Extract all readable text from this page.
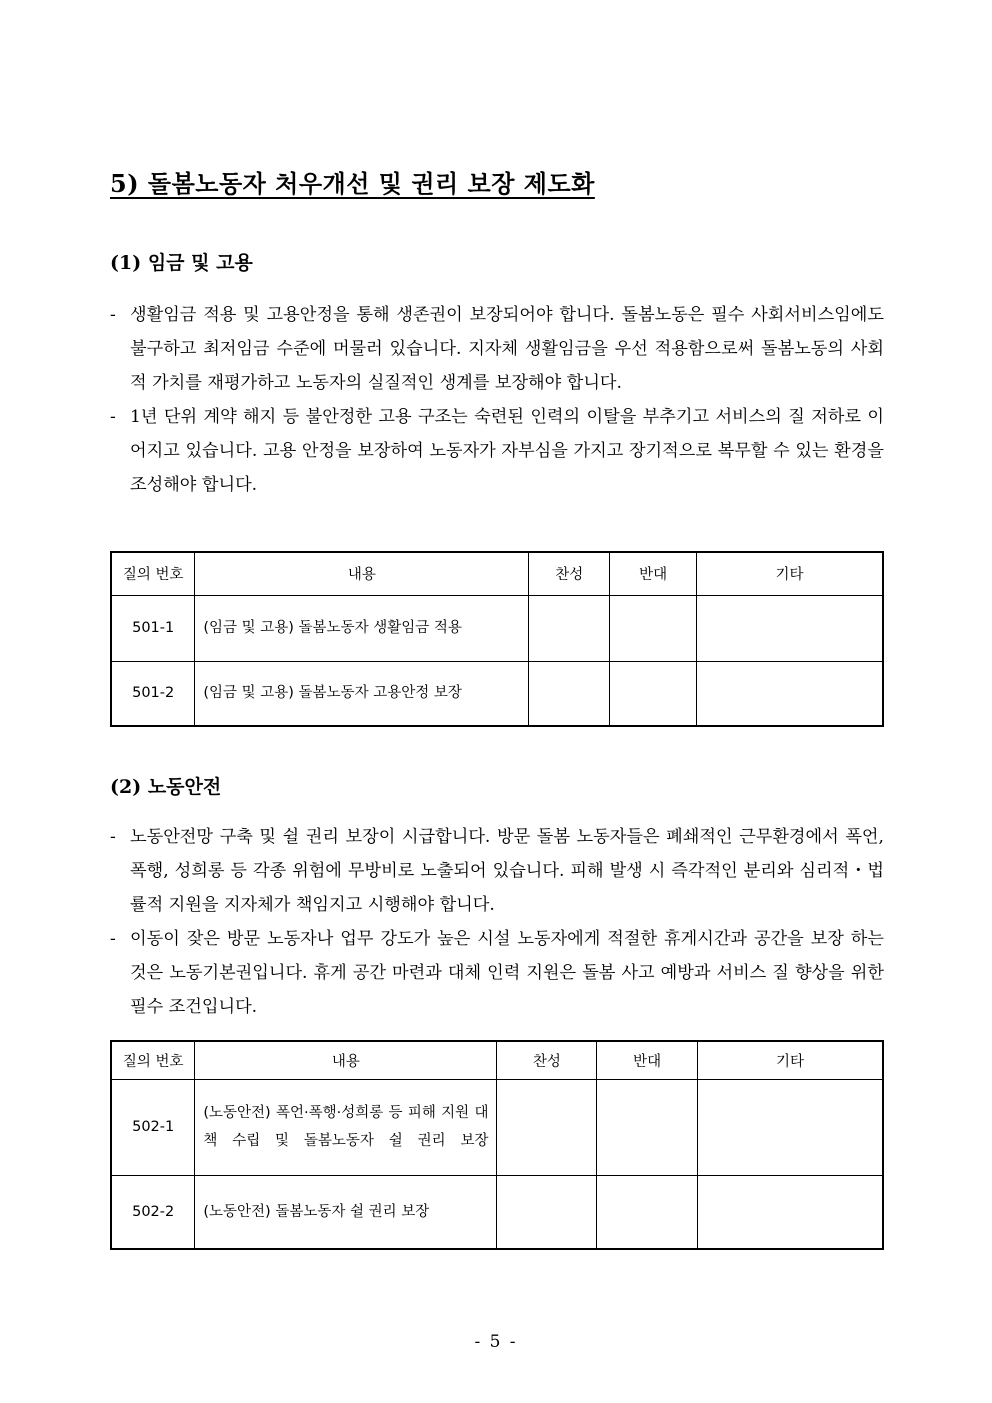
5) 돌봄노동자 처우개선 및 권리 보장 제도화
(1) 임금 및 고용
- 생활임금 적용 및 고용안정을 통해 생존권이 보장되어야 합니다. 돌봄노동은 필수 사회서비스임에도 불구하고 최저임금 수준에 머물러 있습니다. 지자체 생활임금을 우선 적용함으로써 돌봄노동의 사회적 가치를 재평가하고 노동자의 실질적인 생계를 보장해야 합니다.
- 1년 단위 계약 해지 등 불안정한 고용 구조는 숙련된 인력의 이탈을 부추기고 서비스의 질 저하로 이어지고 있습니다. 고용 안정을 보장하여 노동자가 자부심을 가지고 장기적으로 복무할 수 있는 환경을 조성해야 합니다.
질의 번호	내용	찬성	반대	기타
501-1	(임금 및 고용) 돌봄노동자 생활임금 적용			
501-2	(임금 및 고용) 돌봄노동자 고용안정 보장			
(2) 노동안전
- 노동안전망 구축 및 쉴 권리 보장이 시급합니다. 방문 돌봄 노동자들은 폐쇄적인 근무환경에서 폭언, 폭행, 성희롱 등 각종 위험에 무방비로 노출되어 있습니다. 피해 발생 시 즉각적인 분리와 심리적・법률적 지원을 지자체가 책임지고 시행해야 합니다.
- 이동이 잦은 방문 노동자나 업무 강도가 높은 시설 노동자에게 적절한 휴게시간과 공간을 보장 하는 것은 노동기본권입니다. 휴게 공간 마련과 대체 인력 지원은 돌봄 사고 예방과 서비스 질 향상을 위한 필수 조건입니다.
질의 번호	내용	찬성	반대	기타
502-1	(노동안전) 폭언·폭행·성희롱 등 피해 지원 대책 수립 및 돌봄노동자 쉴 권리 보장			
502-2	(노동안전) 돌봄노동자 쉴 권리 보장			
- 5 -
